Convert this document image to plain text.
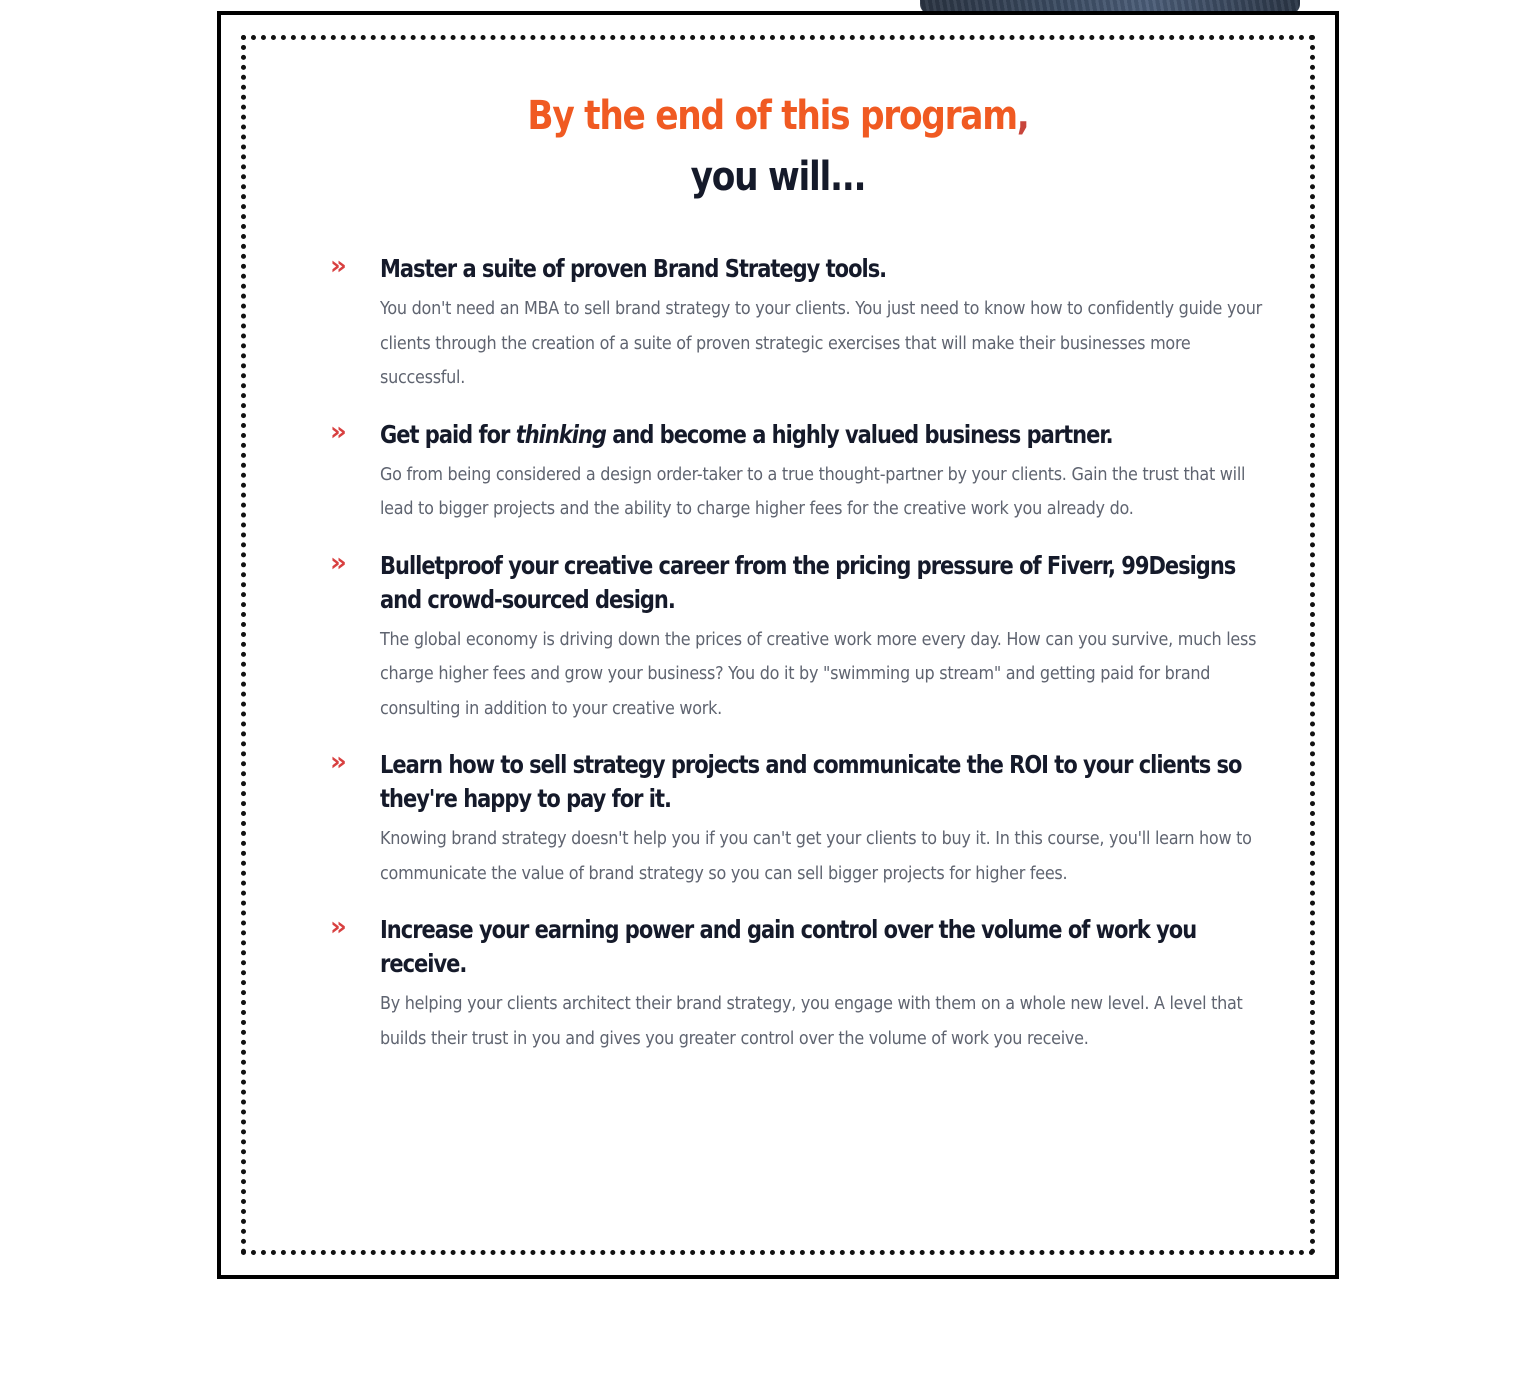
By the end of this program,
you will...
»	Master a suite of proven Brand Strategy tools.
You don't need an MBA to sell brand strategy to your clients. You just need to know how to confidently guide your clients through the creation of a suite of proven strategic exercises that will make their businesses more successful.
»	Get paid for thinking and become a highly valued business partner.
Go from being considered a design order-taker to a true thought-partner by your clients. Gain the trust that will lead to bigger projects and the ability to charge higher fees for the creative work you already do.
»	Bulletproof your creative career from the pricing pressure of Fiverr, 99Designs and crowd-sourced design.
The global economy is driving down the prices of creative work more every day. How can you survive, much less charge higher fees and grow your business? You do it by "swimming up stream" and getting paid for brand consulting in addition to your creative work.
»	Learn how to sell strategy projects and communicate the ROI to your clients so they're happy to pay for it.
Knowing brand strategy doesn't help you if you can't get your clients to buy it. In this course, you'll learn how to communicate the value of brand strategy so you can sell bigger projects for higher fees.
»	Increase your earning power and gain control over the volume of work you receive.
By helping your clients architect their brand strategy, you engage with them on a whole new level. A level that builds their trust in you and gives you greater control over the volume of work you receive.
